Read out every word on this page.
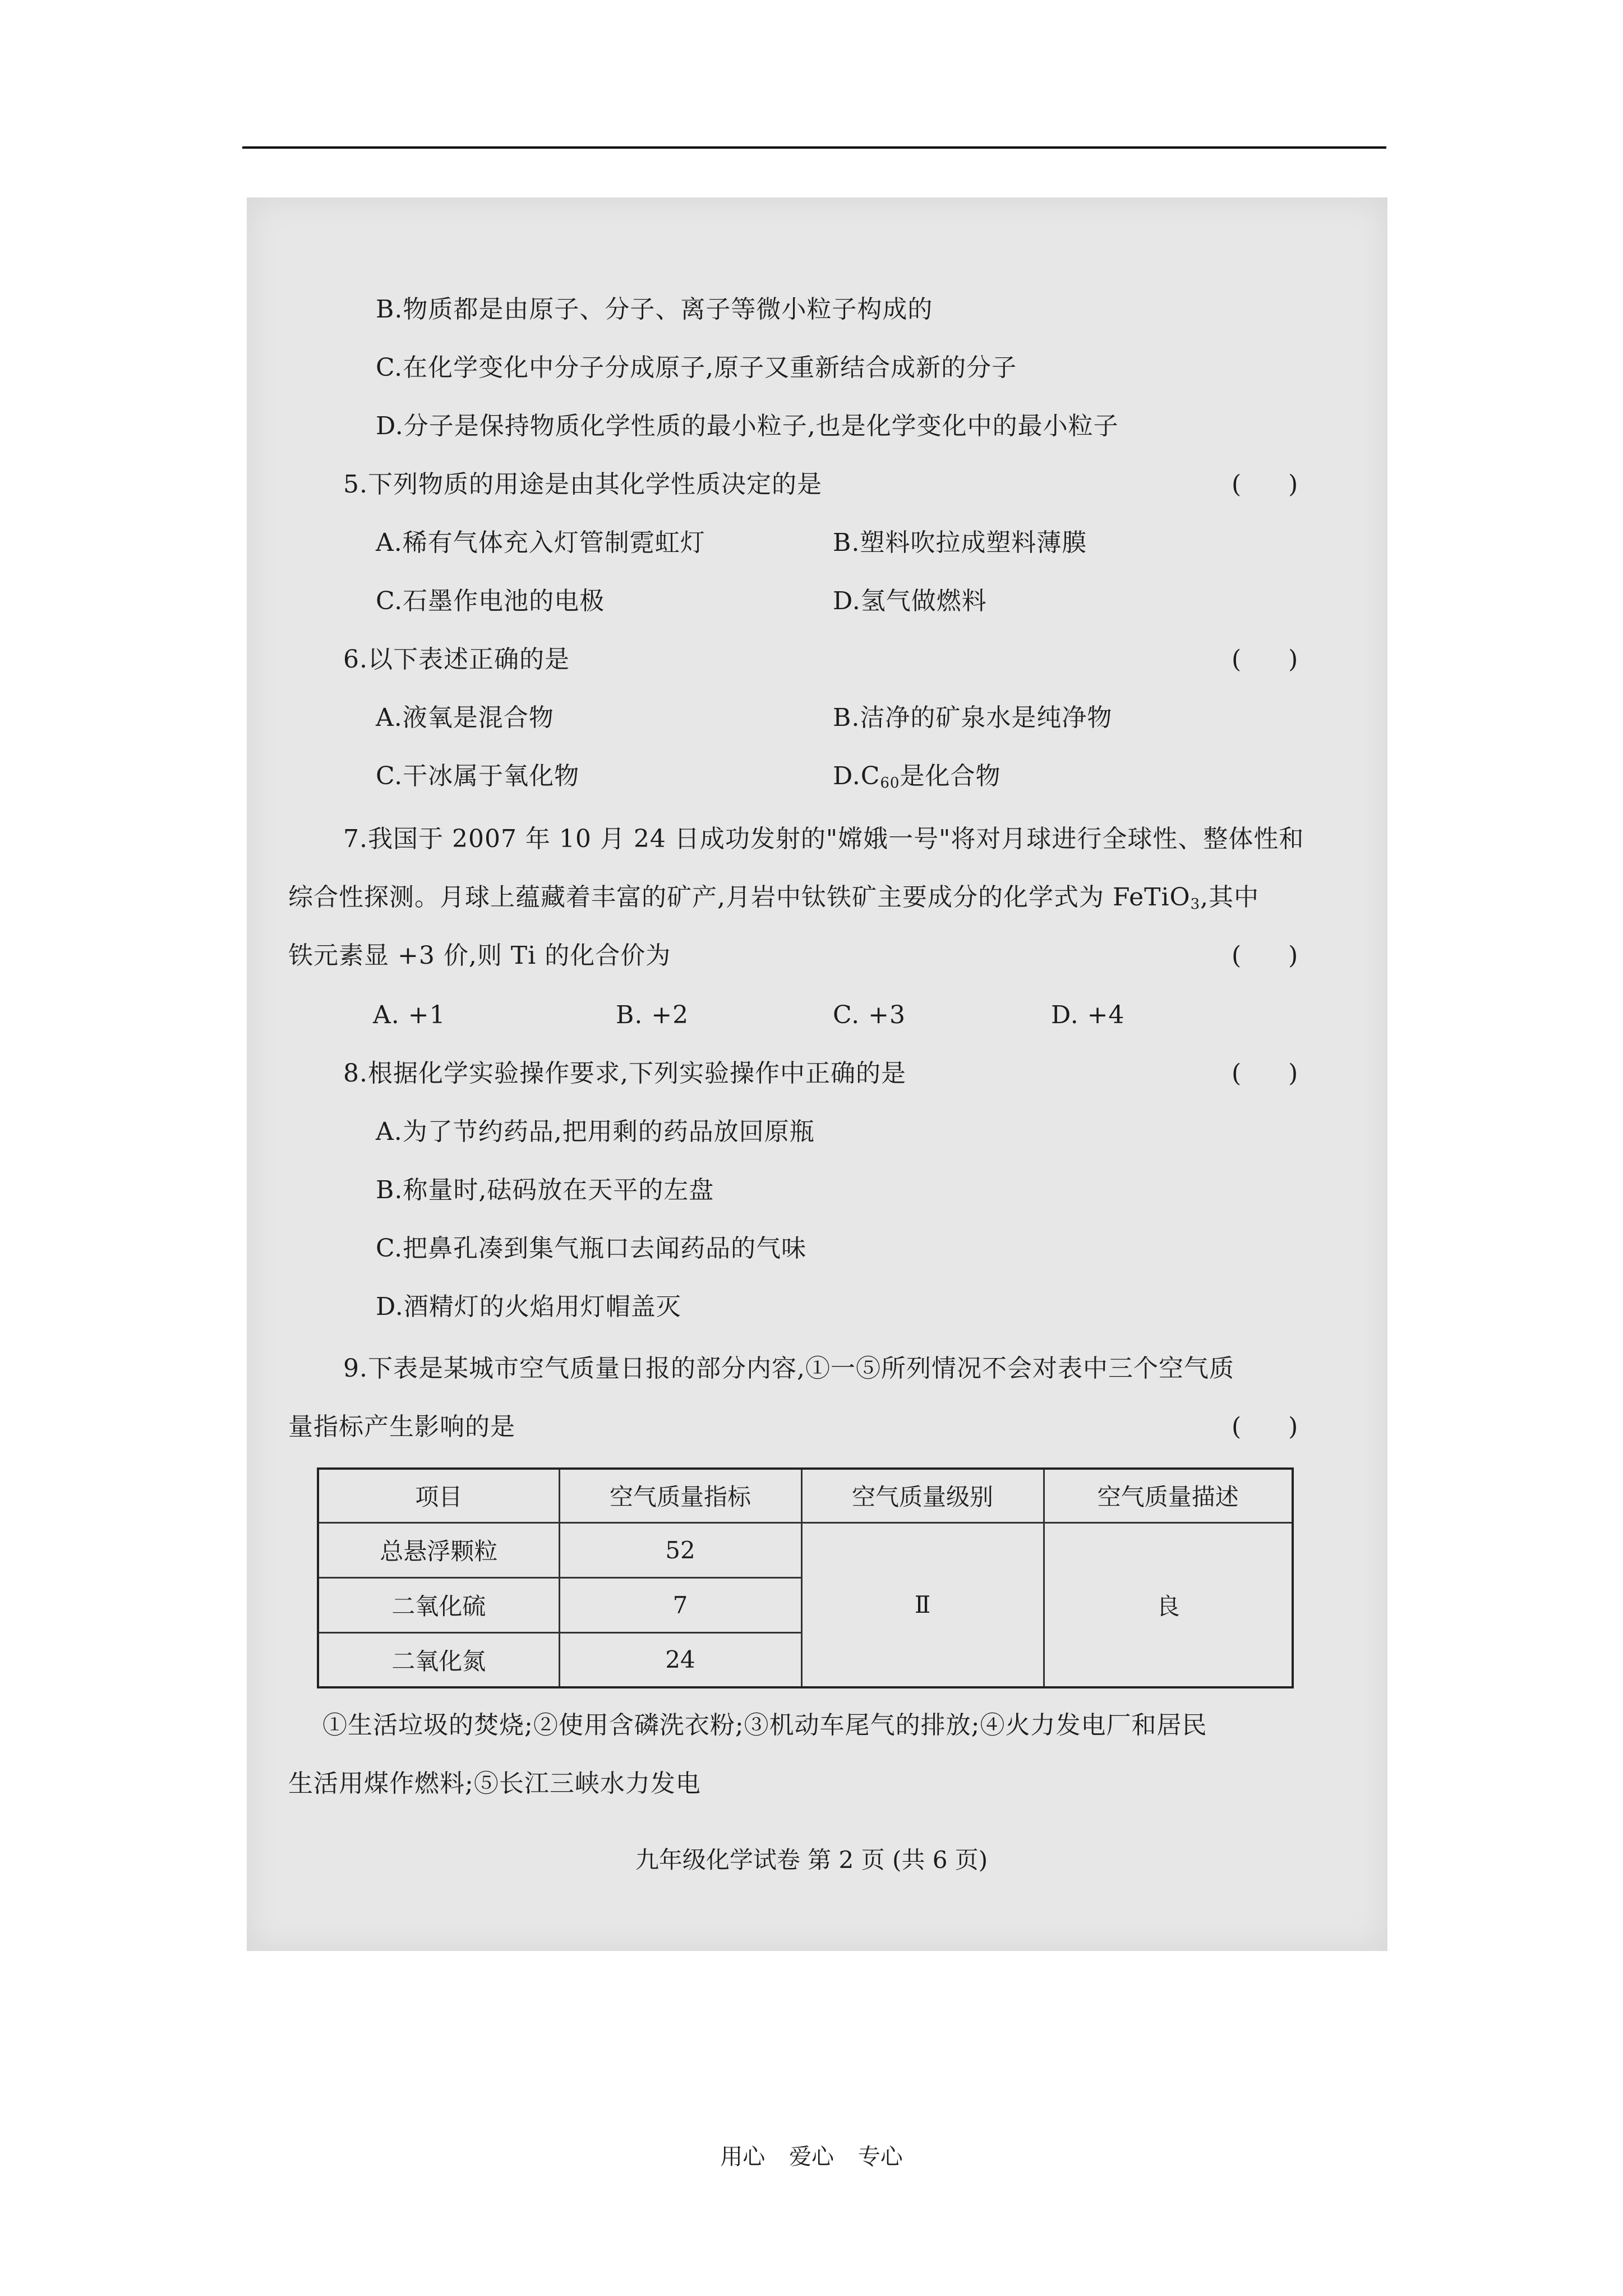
B.物质都是由原子、分子、离子等微小粒子构成的
C.在化学变化中分子分成原子,原子又重新结合成新的分子
D.分子是保持物质化学性质的最小粒子,也是化学变化中的最小粒子
5.下列物质的用途是由其化学性质决定的是	(      )
A.稀有气体充入灯管制霓虹灯	B.塑料吹拉成塑料薄膜
C.石墨作电池的电极	D.氢气做燃料
6.以下表述正确的是	(      )
A.液氧是混合物	B.洁净的矿泉水是纯净物
C.干冰属于氧化物	$D.C_{60}$是化合物
7.我国于 2007 年 10 月 24 日成功发射的"嫦娥一号"将对月球进行全球性、整体性和
综合性探测。月球上蕴藏着丰富的矿产,月岩中钛铁矿主要成分的化学式为 FeTiO$_3$,其中
铁元素显 +3 价,则 Ti 的化合价为	(      )
A. +1	B. +2	C. +3	D. +4
8.根据化学实验操作要求,下列实验操作中正确的是	(      )
A.为了节约药品,把用剩的药品放回原瓶
B.称量时,砝码放在天平的左盘
C.把鼻孔凑到集气瓶口去闻药品的气味
D.酒精灯的火焰用灯帽盖灭
9.下表是某城市空气质量日报的部分内容,①一⑤所列情况不会对表中三个空气质
量指标产生影响的是	(      )
项目	空气质量指标	空气质量级别	空气质量描述
总悬浮颗粒	52	Ⅱ	良
二氧化硫	7		
二氧化氮	24		
①生活垃圾的焚烧;②使用含磷洗衣粉;③机动车尾气的排放;④火力发电厂和居民
生活用煤作燃料;⑤长江三峡水力发电
九年级化学试卷 第 2 页 (共 6 页)
用心 爱心 专心
